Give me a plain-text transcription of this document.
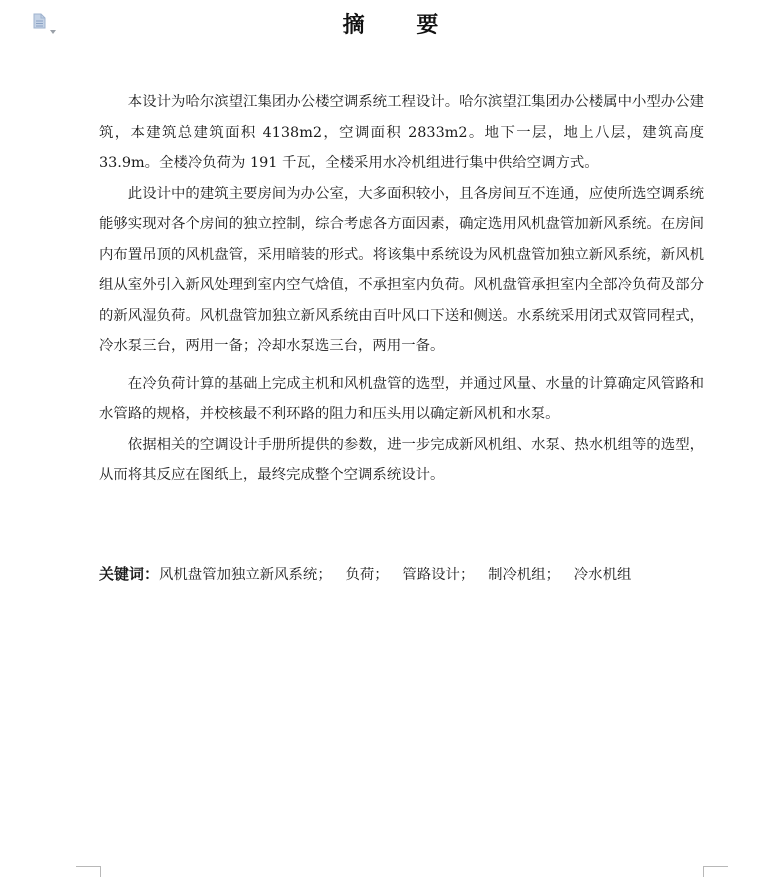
摘 要

本设计为哈尔滨望江集团办公楼空调系统工程设计。哈尔滨望江集团办公楼属中小型办公建筑，本建筑总建筑面积 4138m2，空调面积 2833m2。地下一层，地上八层，建筑高度 33.9m。全楼冷负荷为 191 千瓦，全楼采用水冷机组进行集中供给空调方式。

此设计中的建筑主要房间为办公室，大多面积较小，且各房间互不连通，应使所选空调系统能够实现对各个房间的独立控制，综合考虑各方面因素，确定选用风机盘管加新风系统。在房间内布置吊顶的风机盘管，采用暗装的形式。将该集中系统设为风机盘管加独立新风系统，新风机组从室外引入新风处理到室内空气焓值，不承担室内负荷。风机盘管承担室内全部冷负荷及部分的新风湿负荷。风机盘管加独立新风系统由百叶风口下送和侧送。水系统采用闭式双管同程式，冷水泵三台，两用一备；冷却水泵选三台，两用一备。

在冷负荷计算的基础上完成主机和风机盘管的选型，并通过风量、水量的计算确定风管路和水管路的规格，并校核最不利环路的阻力和压头用以确定新风机和水泵。

依据相关的空调设计手册所提供的参数，进一步完成新风机组、水泵、热水机组等的选型，从而将其反应在图纸上，最终完成整个空调系统设计。

关键词：风机盘管加独立新风系统； 负荷； 管路设计； 制冷机组； 冷水机组
